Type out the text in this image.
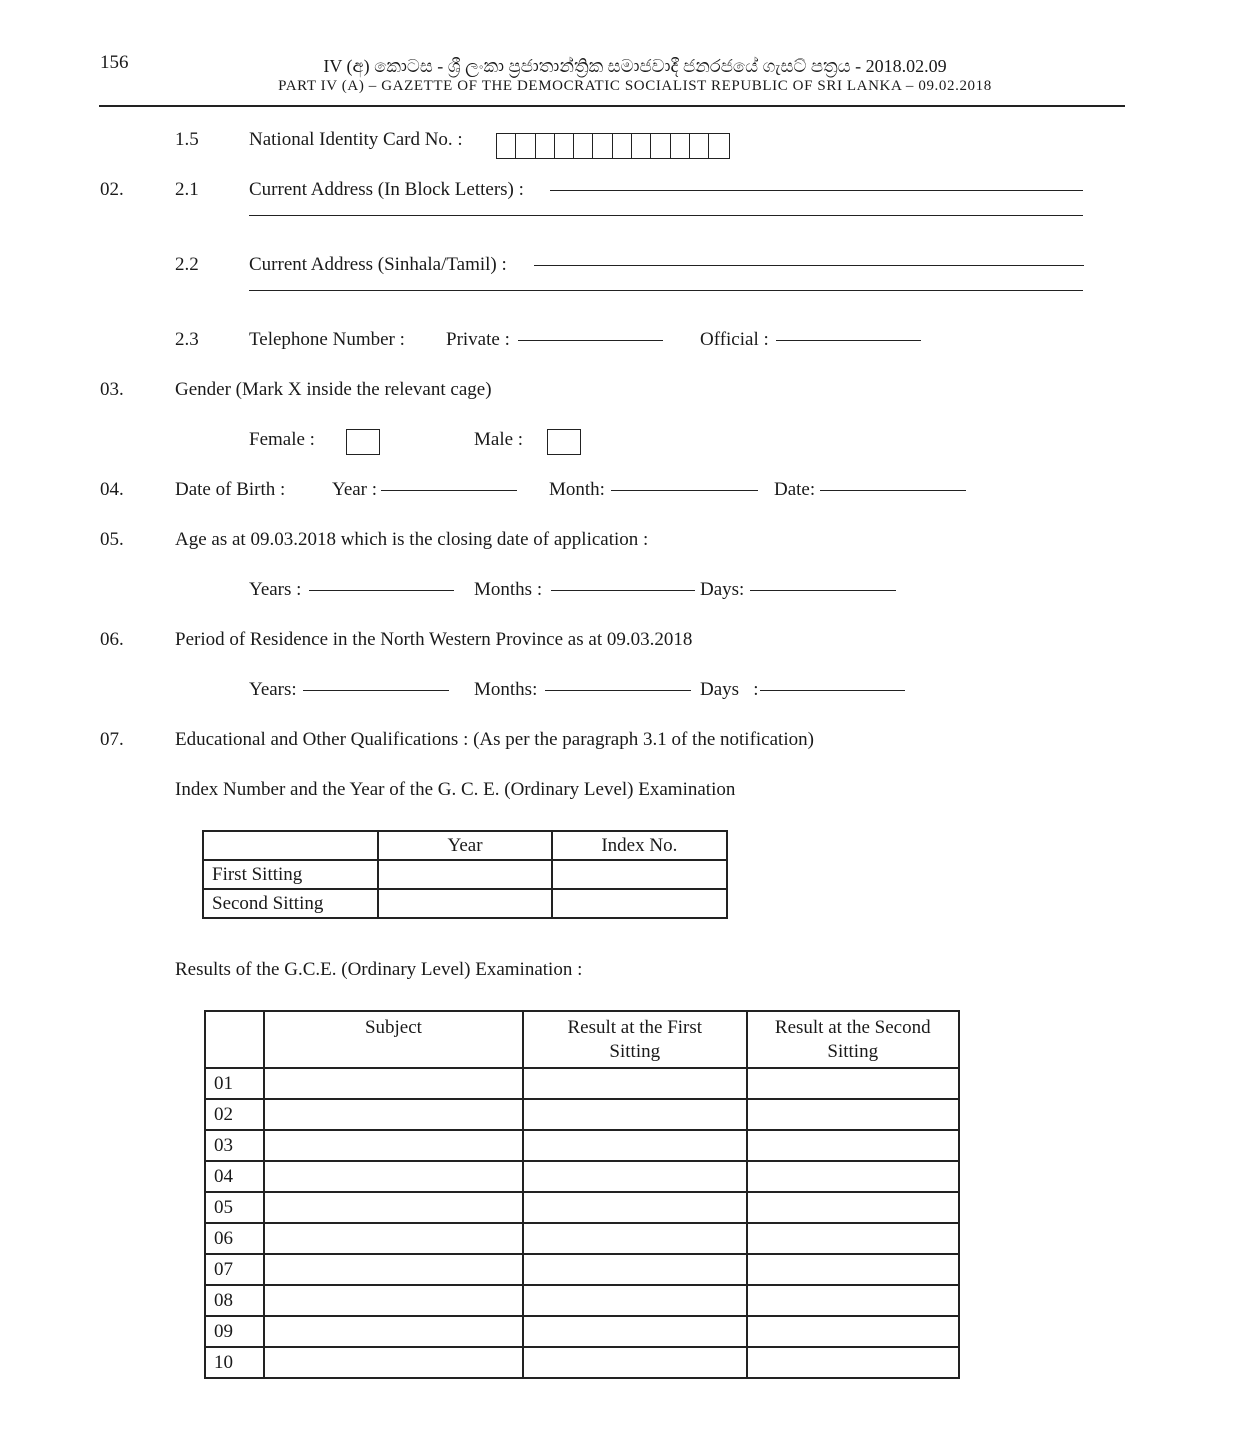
156	IV (අ) කොටස - ශ්‍රී ලංකා ප්‍රජාතාන්ත්‍රික සමාජවාදී ජනරජයේ ගැසට් පත්‍රය - 2018.02.09
PART IV (A) – GAZETTE OF THE DEMOCRATIC SOCIALIST REPUBLIC OF SRI LANKA – 09.02.2018
1.5	National Identity Card No. :
02.	2.1	Current Address (In Block Letters) :
2.2	Current Address (Sinhala/Tamil) :
2.3	Telephone Number : Private :	Official :
03.	Gender (Mark X inside the relevant cage)
Female :	Male :
04.	Date of Birth : Year :	Month:	Date:
05.	Age as at 09.03.2018 which is the closing date of application :
Years :	Months :	Days:
06.	Period of Residence in the North Western Province as at 09.03.2018
Years:	Months:	Days   :
07.	Educational and Other Qualifications : (As per the paragraph 3.1 of the notification)
Index Number and the Year of the G. C. E. (Ordinary Level) Examination
	Year	Index No.
First Sitting		
Second Sitting		
Results of the G.C.E. (Ordinary Level) Examination :
	Subject	Result at the First Sitting	Result at the Second Sitting
01			
02			
03			
04			
05			
06			
07			
08			
09			
10			
